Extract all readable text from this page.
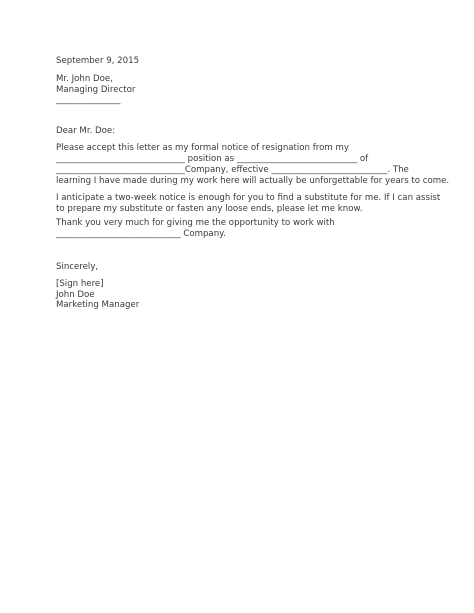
September 9, 2015

Mr. John Doe,

Managing Director

_______________

Dear Mr. Doe:

Please accept this letter as my formal notice of resignation from my

______________________________ position as ____________________________ of

______________________________Company, effective ___________________________. The

learning I have made during my work here will actually be unforgettable for years to come.

I anticipate a two-week notice is enough for you to find a substitute for me. If I can assist

to prepare my substitute or fasten any loose ends, please let me know.

Thank you very much for giving me the opportunity to work with

_____________________________ Company.

Sincerely,

[Sign here]

John Doe

Marketing Manager
